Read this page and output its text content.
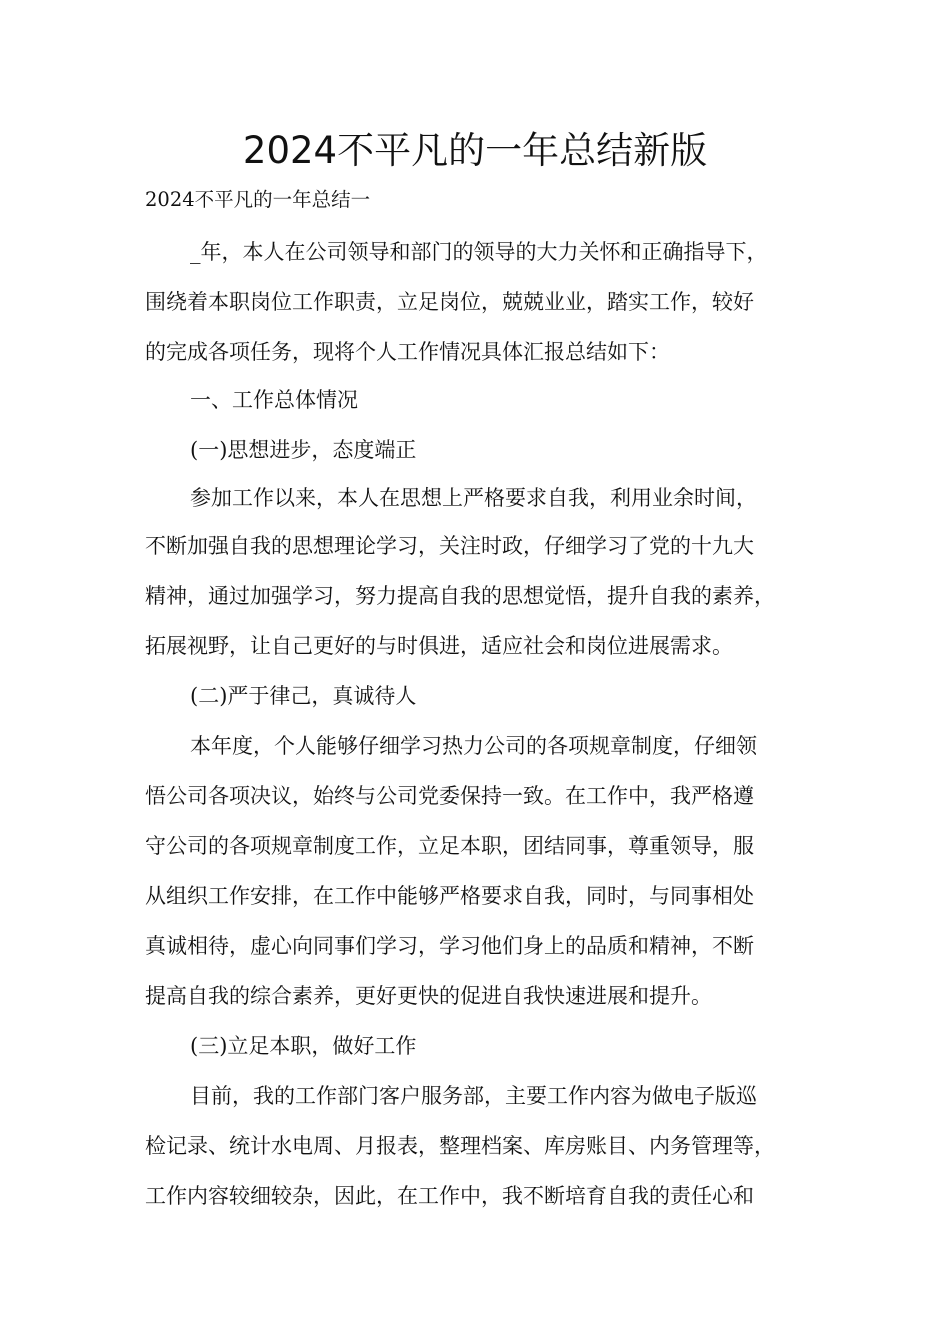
2024不平凡的一年总结新版
2024不平凡的一年总结一
_年，本人在公司领导和部门的领导的大力关怀和正确指导下，
围绕着本职岗位工作职责，立足岗位，兢兢业业，踏实工作，较好
的完成各项任务，现将个人工作情况具体汇报总结如下：
一、工作总体情况
(一)思想进步，态度端正
参加工作以来，本人在思想上严格要求自我，利用业余时间，
不断加强自我的思想理论学习，关注时政，仔细学习了党的十九大
精神，通过加强学习，努力提高自我的思想觉悟，提升自我的素养，
拓展视野，让自己更好的与时俱进，适应社会和岗位进展需求。
(二)严于律己，真诚待人
本年度，个人能够仔细学习热力公司的各项规章制度，仔细领
悟公司各项决议，始终与公司党委保持一致。在工作中，我严格遵
守公司的各项规章制度工作，立足本职，团结同事，尊重领导，服
从组织工作安排，在工作中能够严格要求自我，同时，与同事相处
真诚相待，虚心向同事们学习，学习他们身上的品质和精神，不断
提高自我的综合素养，更好更快的促进自我快速进展和提升。
(三)立足本职，做好工作
目前，我的工作部门客户服务部，主要工作内容为做电子版巡
检记录、统计水电周、月报表，整理档案、库房账目、内务管理等，
工作内容较细较杂，因此，在工作中，我不断培育自我的责任心和
